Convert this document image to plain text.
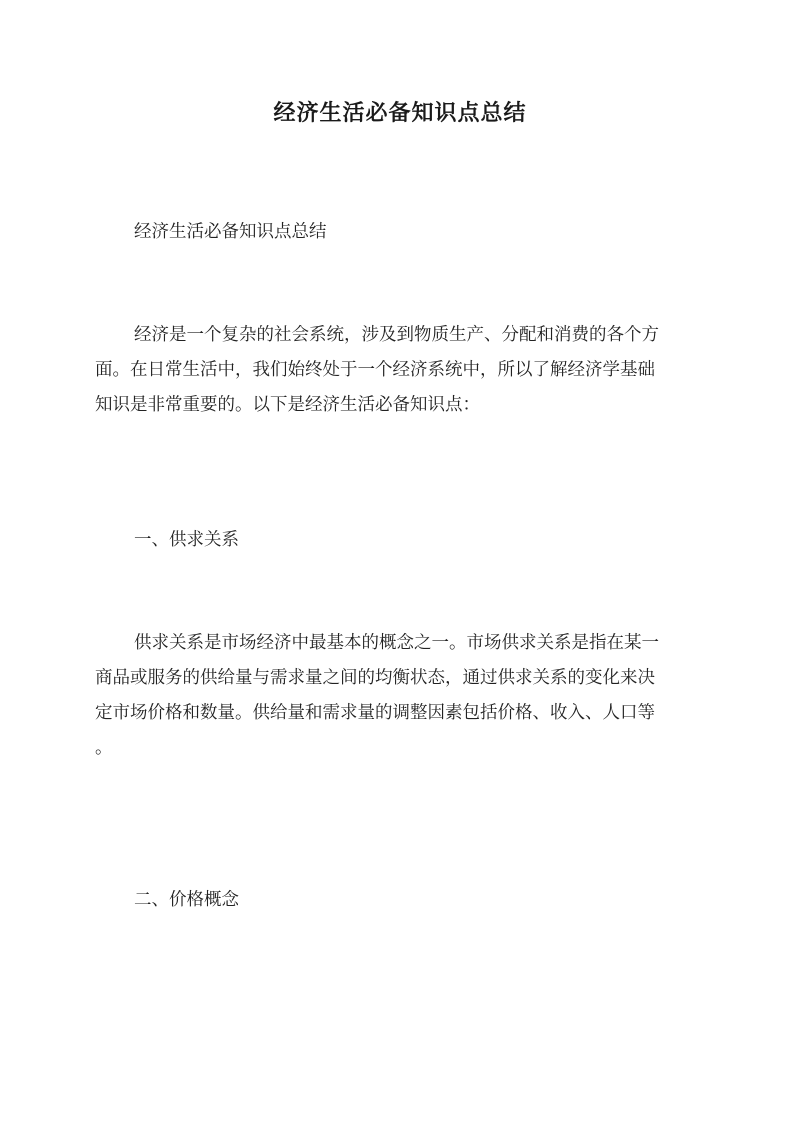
经济生活必备知识点总结
经济生活必备知识点总结
经济是一个复杂的社会系统，涉及到物质生产、分配和消费的各个方
面。在日常生活中，我们始终处于一个经济系统中，所以了解经济学基础
知识是非常重要的。以下是经济生活必备知识点：
一、供求关系
供求关系是市场经济中最基本的概念之一。市场供求关系是指在某一
商品或服务的供给量与需求量之间的均衡状态，通过供求关系的变化来决
定市场价格和数量。供给量和需求量的调整因素包括价格、收入、人口等
。
二、价格概念
